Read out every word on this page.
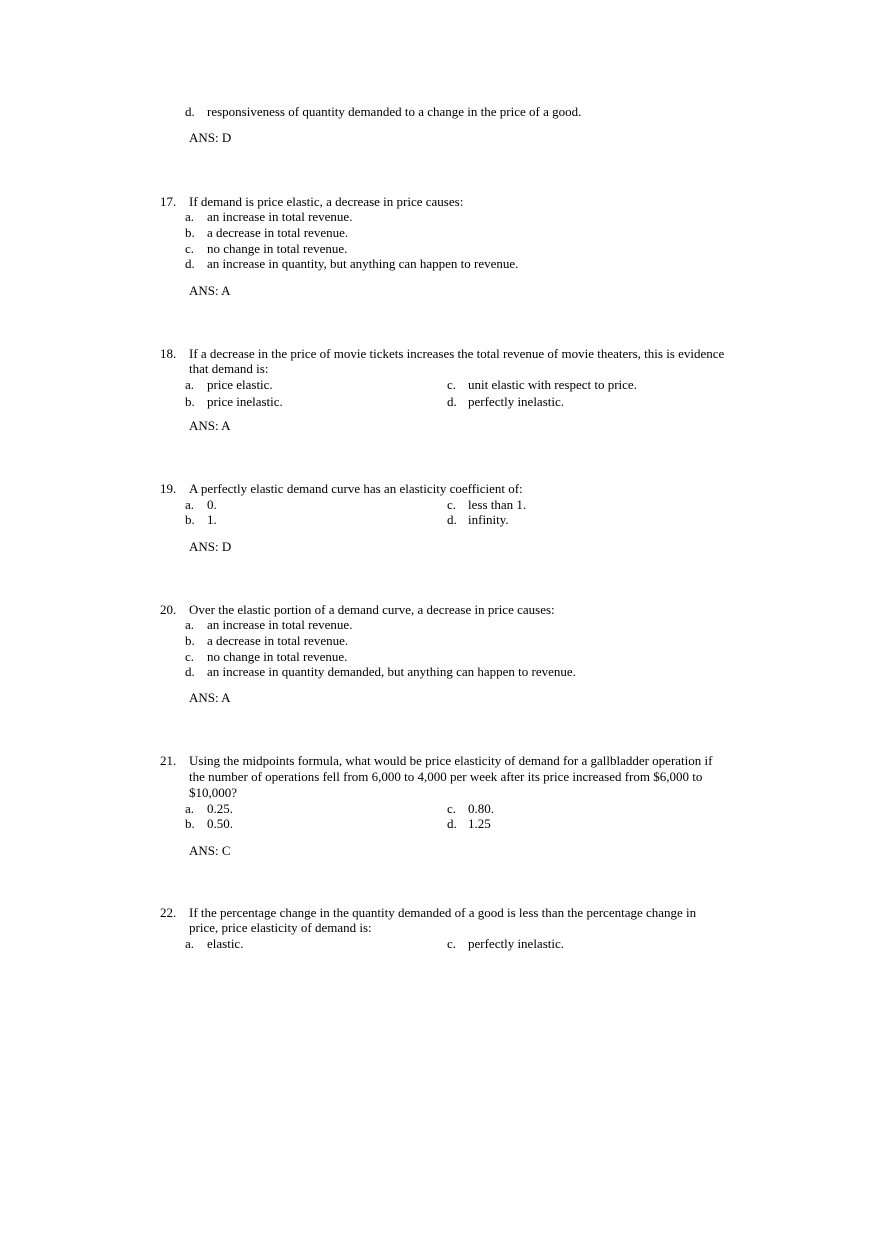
d. responsiveness of quantity demanded to a change in the price of a good.
ANS: D
17. If demand is price elastic, a decrease in price causes:
a. an increase in total revenue.
b. a decrease in total revenue.
c. no change in total revenue.
d. an increase in quantity, but anything can happen to revenue.
ANS: A
18. If a decrease in the price of movie tickets increases the total revenue of movie theaters, this is evidence
that demand is:
a. price elastic.	c. unit elastic with respect to price.
b. price inelastic.	d. perfectly inelastic.
ANS: A
19. A perfectly elastic demand curve has an elasticity coefficient of:
a. 0.	c. less than 1.
b. 1.	d. infinity.
ANS: D
20. Over the elastic portion of a demand curve, a decrease in price causes:
a. an increase in total revenue.
b. a decrease in total revenue.
c. no change in total revenue.
d. an increase in quantity demanded, but anything can happen to revenue.
ANS: A
21. Using the midpoints formula, what would be price elasticity of demand for a gallbladder operation if
the number of operations fell from 6,000 to 4,000 per week after its price increased from $6,000 to
$10,000?
a. 0.25.	c. 0.80.
b. 0.50.	d. 1.25
ANS: C
22. If the percentage change in the quantity demanded of a good is less than the percentage change in
price, price elasticity of demand is:
a. elastic.	c. perfectly inelastic.
